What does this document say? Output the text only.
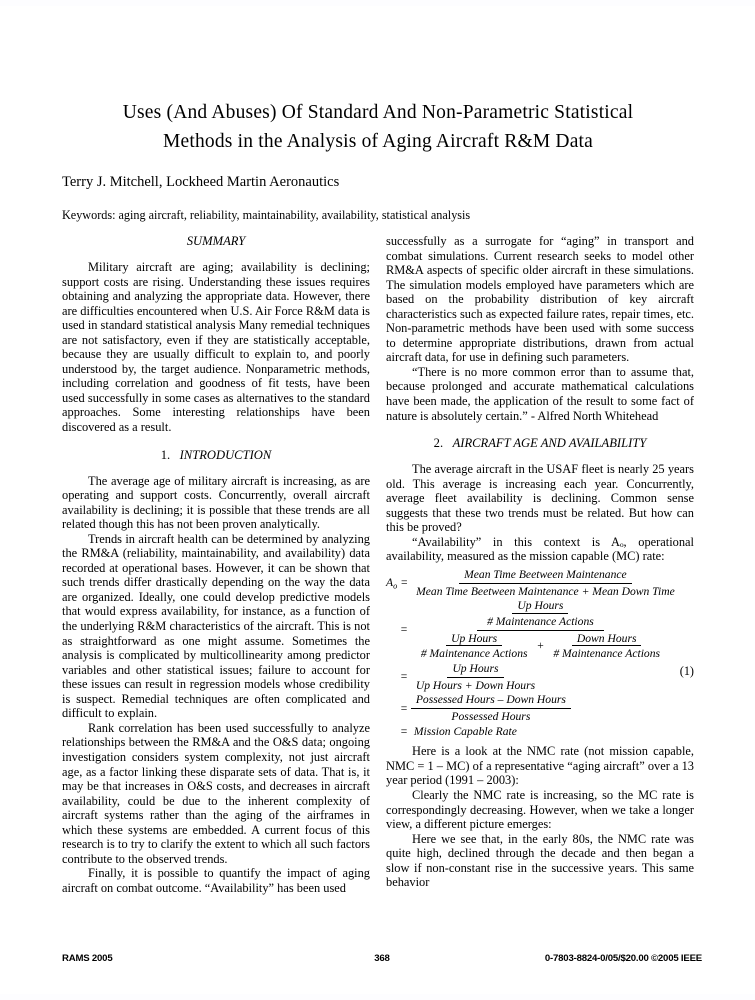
Uses (And Abuses) Of Standard And Non-Parametric Statistical
Methods in the Analysis of Aging Aircraft R&M Data
Terry J. Mitchell, Lockheed Martin Aeronautics
Keywords: aging aircraft, reliability, maintainability, availability, statistical analysis
SUMMARY

Military aircraft are aging; availability is declining; support costs are rising. Understanding these issues requires obtaining and analyzing the appropriate data. However, there are difficulties encountered when U.S. Air Force R&M data is used in standard statistical analysis Many remedial techniques are not satisfactory, even if they are statistically acceptable, because they are usually difficult to explain to, and poorly understood by, the target audience. Nonparametric methods, including correlation and goodness of fit tests, have been used successfully in some cases as alternatives to the standard approaches. Some interesting relationships have been discovered as a result.

1. INTRODUCTION

The average age of military aircraft is increasing, as are operating and support costs. Concurrently, overall aircraft availability is declining; it is possible that these trends are all related though this has not been proven analytically.

Trends in aircraft health can be determined by analyzing the RM&A (reliability, maintainability, and availability) data recorded at operational bases. However, it can be shown that such trends differ drastically depending on the way the data are organized. Ideally, one could develop predictive models that would express availability, for instance, as a function of the underlying R&M characteristics of the aircraft. This is not as straightforward as one might assume. Sometimes the analysis is complicated by multicollinearity among predictor variables and other statistical issues; failure to account for these issues can result in regression models whose credibility is suspect. Remedial techniques are often complicated and difficult to explain.

Rank correlation has been used successfully to analyze relationships between the RM&A and the O&S data; ongoing investigation considers system complexity, not just aircraft age, as a factor linking these disparate sets of data. That is, it may be that increases in O&S costs, and decreases in aircraft availability, could be due to the inherent complexity of aircraft systems rather than the aging of the airframes in which these systems are embedded. A current focus of this research is to try to clarify the extent to which all such factors contribute to the observed trends.

Finally, it is possible to quantify the impact of aging aircraft on combat outcome. “Availability” has been used

successfully as a surrogate for “aging” in transport and combat simulations. Current research seeks to model other RM&A aspects of specific older aircraft in these simulations. The simulation models employed have parameters which are based on the probability distribution of key aircraft characteristics such as expected failure rates, repair times, etc. Non-parametric methods have been used with some success to determine appropriate distributions, drawn from actual aircraft data, for use in defining such parameters.

“There is no more common error than to assume that, because prolonged and accurate mathematical calculations have been made, the application of the result to some fact of nature is absolutely certain.” - Alfred North Whitehead

2. AIRCRAFT AGE AND AVAILABILITY

The average aircraft in the USAF fleet is nearly 25 years old. This average is increasing each year. Concurrently, average fleet availability is declining. Common sense suggests that these two trends must be related. But how can this be proved?

“Availability” in this context is Aₒ, operational availability, measured as the mission capable (MC) rate:

(1)
$A_o = \frac{\text{Mean Time Beetween Maintenance}}{\text{Mean Time Beetween Maintenance + Mean Down Time}}$
=
$\frac{\text{Up Hours}}{\text{\# Maintenance Actions}}$
$\frac{\text{Up Hours}}{\text{\# Maintenance Actions}} + \frac{\text{Down Hours}}{\text{\# Maintenance Actions}}$
= $\frac{\text{Up Hours}}{\text{Up Hours + Down Hours}}$
= $\frac{\text{Possessed Hours – Down Hours}}{\text{Possessed Hours}}$
= Mission Capable Rate

Here is a look at the NMC rate (not mission capable, NMC = 1 – MC) of a representative “aging aircraft” over a 13 year period (1991 – 2003):

Clearly the NMC rate is increasing, so the MC rate is correspondingly decreasing. However, when we take a longer view, a different picture emerges:

Here we see that, in the early 80s, the NMC rate was quite high, declined through the decade and then began a slow if non-constant rise in the successive years. This same behavior

RAMS 2005	368	0-7803-8824-0/05/$20.00 ©2005 IEEE
